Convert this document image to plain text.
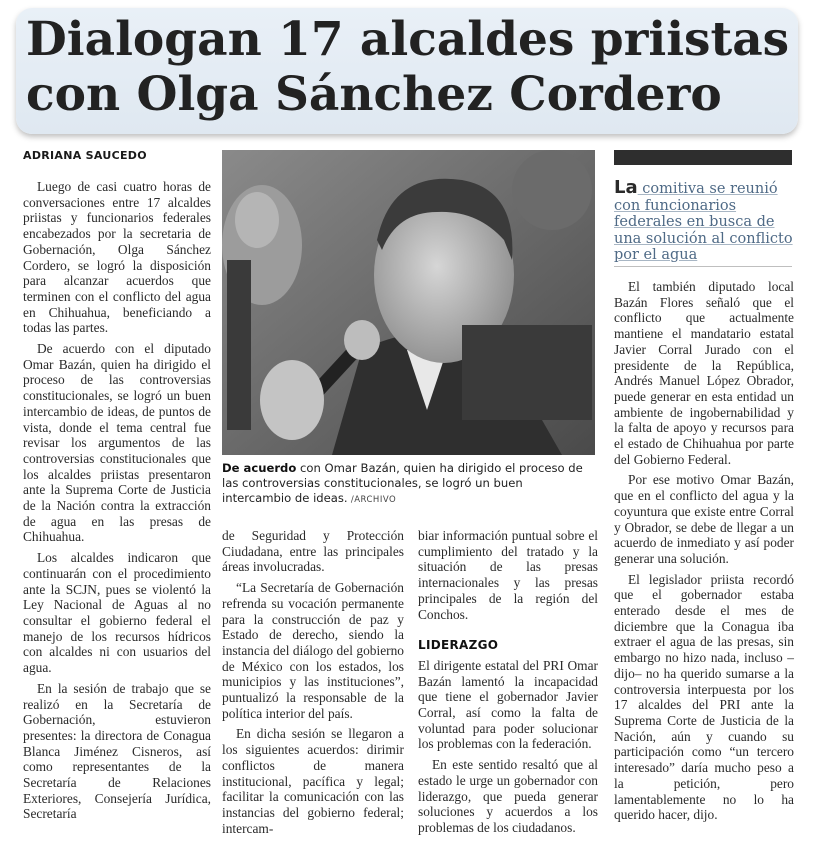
Dialogan 17 alcaldes priistas
con Olga Sánchez Cordero
ADRIANA SAUCEDO

Luego de casi cuatro horas de conversaciones entre 17 alcaldes priistas y funcionarios federales encabezados por la secretaria de Gobernación, Olga Sánchez Cordero, se logró la disposición para alcanzar acuerdos que terminen con el conflicto del agua en Chihuahua, beneficiando a todas las partes.

De acuerdo con el diputado Omar Bazán, quien ha dirigido el proceso de las controversias constitucionales, se logró un buen intercambio de ideas, de puntos de vista, donde el tema central fue revisar los argumentos de las controversias constitucionales que los alcaldes priistas presentaron ante la Suprema Corte de Justicia de la Nación contra la extracción de agua en las presas de Chihuahua.

Los alcaldes indicaron que continuarán con el procedimiento ante la SCJN, pues se violentó la Ley Nacional de Aguas al no consultar el gobierno federal el manejo de los recursos hídricos con alcaldes ni con usuarios del agua.

En la sesión de trabajo que se realizó en la Secretaría de Gobernación, estuvieron presentes: la directora de Conagua Blanca Jiménez Cisneros, así como representantes de la Secretaría de Relaciones Exteriores, Consejería Jurídica, Secretaría

De acuerdo con Omar Bazán, quien ha dirigido el proceso de las controversias constitucionales, se logró un buen intercambio de ideas. /ARCHIVO

de Seguridad y Protección Ciudadana, entre las principales áreas involucradas.

“La Secretaría de Gobernación refrenda su vocación permanente para la construcción de paz y Estado de derecho, siendo la instancia del diálogo del gobierno de México con los estados, los municipios y las instituciones”, puntualizó la responsable de la política interior del país.

En dicha sesión se llegaron a los siguientes acuerdos: dirimir conflictos de manera institucional, pacífica y legal; facilitar la comunicación con las instancias del gobierno federal; intercam-

biar información puntual sobre el cumplimiento del tratado y la situación de las presas internacionales y las presas principales de la región del Conchos.

LIDERAZGO

El dirigente estatal del PRI Omar Bazán lamentó la incapacidad que tiene el gobernador Javier Corral, así como la falta de voluntad para poder solucionar los problemas con la federación.

En este sentido resaltó que al estado le urge un gobernador con liderazgo, que pueda generar soluciones y acuerdos a los problemas de los ciudadanos.

La comitiva se reunió con funcionarios federales en busca de una solución al conflicto por el agua

El también diputado local Bazán Flores señaló que el conflicto que actualmente mantiene el mandatario estatal Javier Corral Jurado con el presidente de la República, Andrés Manuel López Obrador, puede generar en esta entidad un ambiente de ingobernabilidad y la falta de apoyo y recursos para el estado de Chihuahua por parte del Gobierno Federal.

Por ese motivo Omar Bazán, que en el conflicto del agua y la coyuntura que existe entre Corral y Obrador, se debe de llegar a un acuerdo de inmediato y así poder generar una solución.

El legislador priista recordó que el gobernador estaba enterado desde el mes de diciembre que la Conagua iba extraer el agua de las presas, sin embargo no hizo nada, incluso –dijo– no ha querido sumarse a la controversia interpuesta por los 17 alcaldes del PRI ante la Suprema Corte de Justicia de la Nación, aún y cuando su participación como “un tercero interesado” daría mucho peso a la petición, pero lamentablemente no lo ha querido hacer, dijo.
